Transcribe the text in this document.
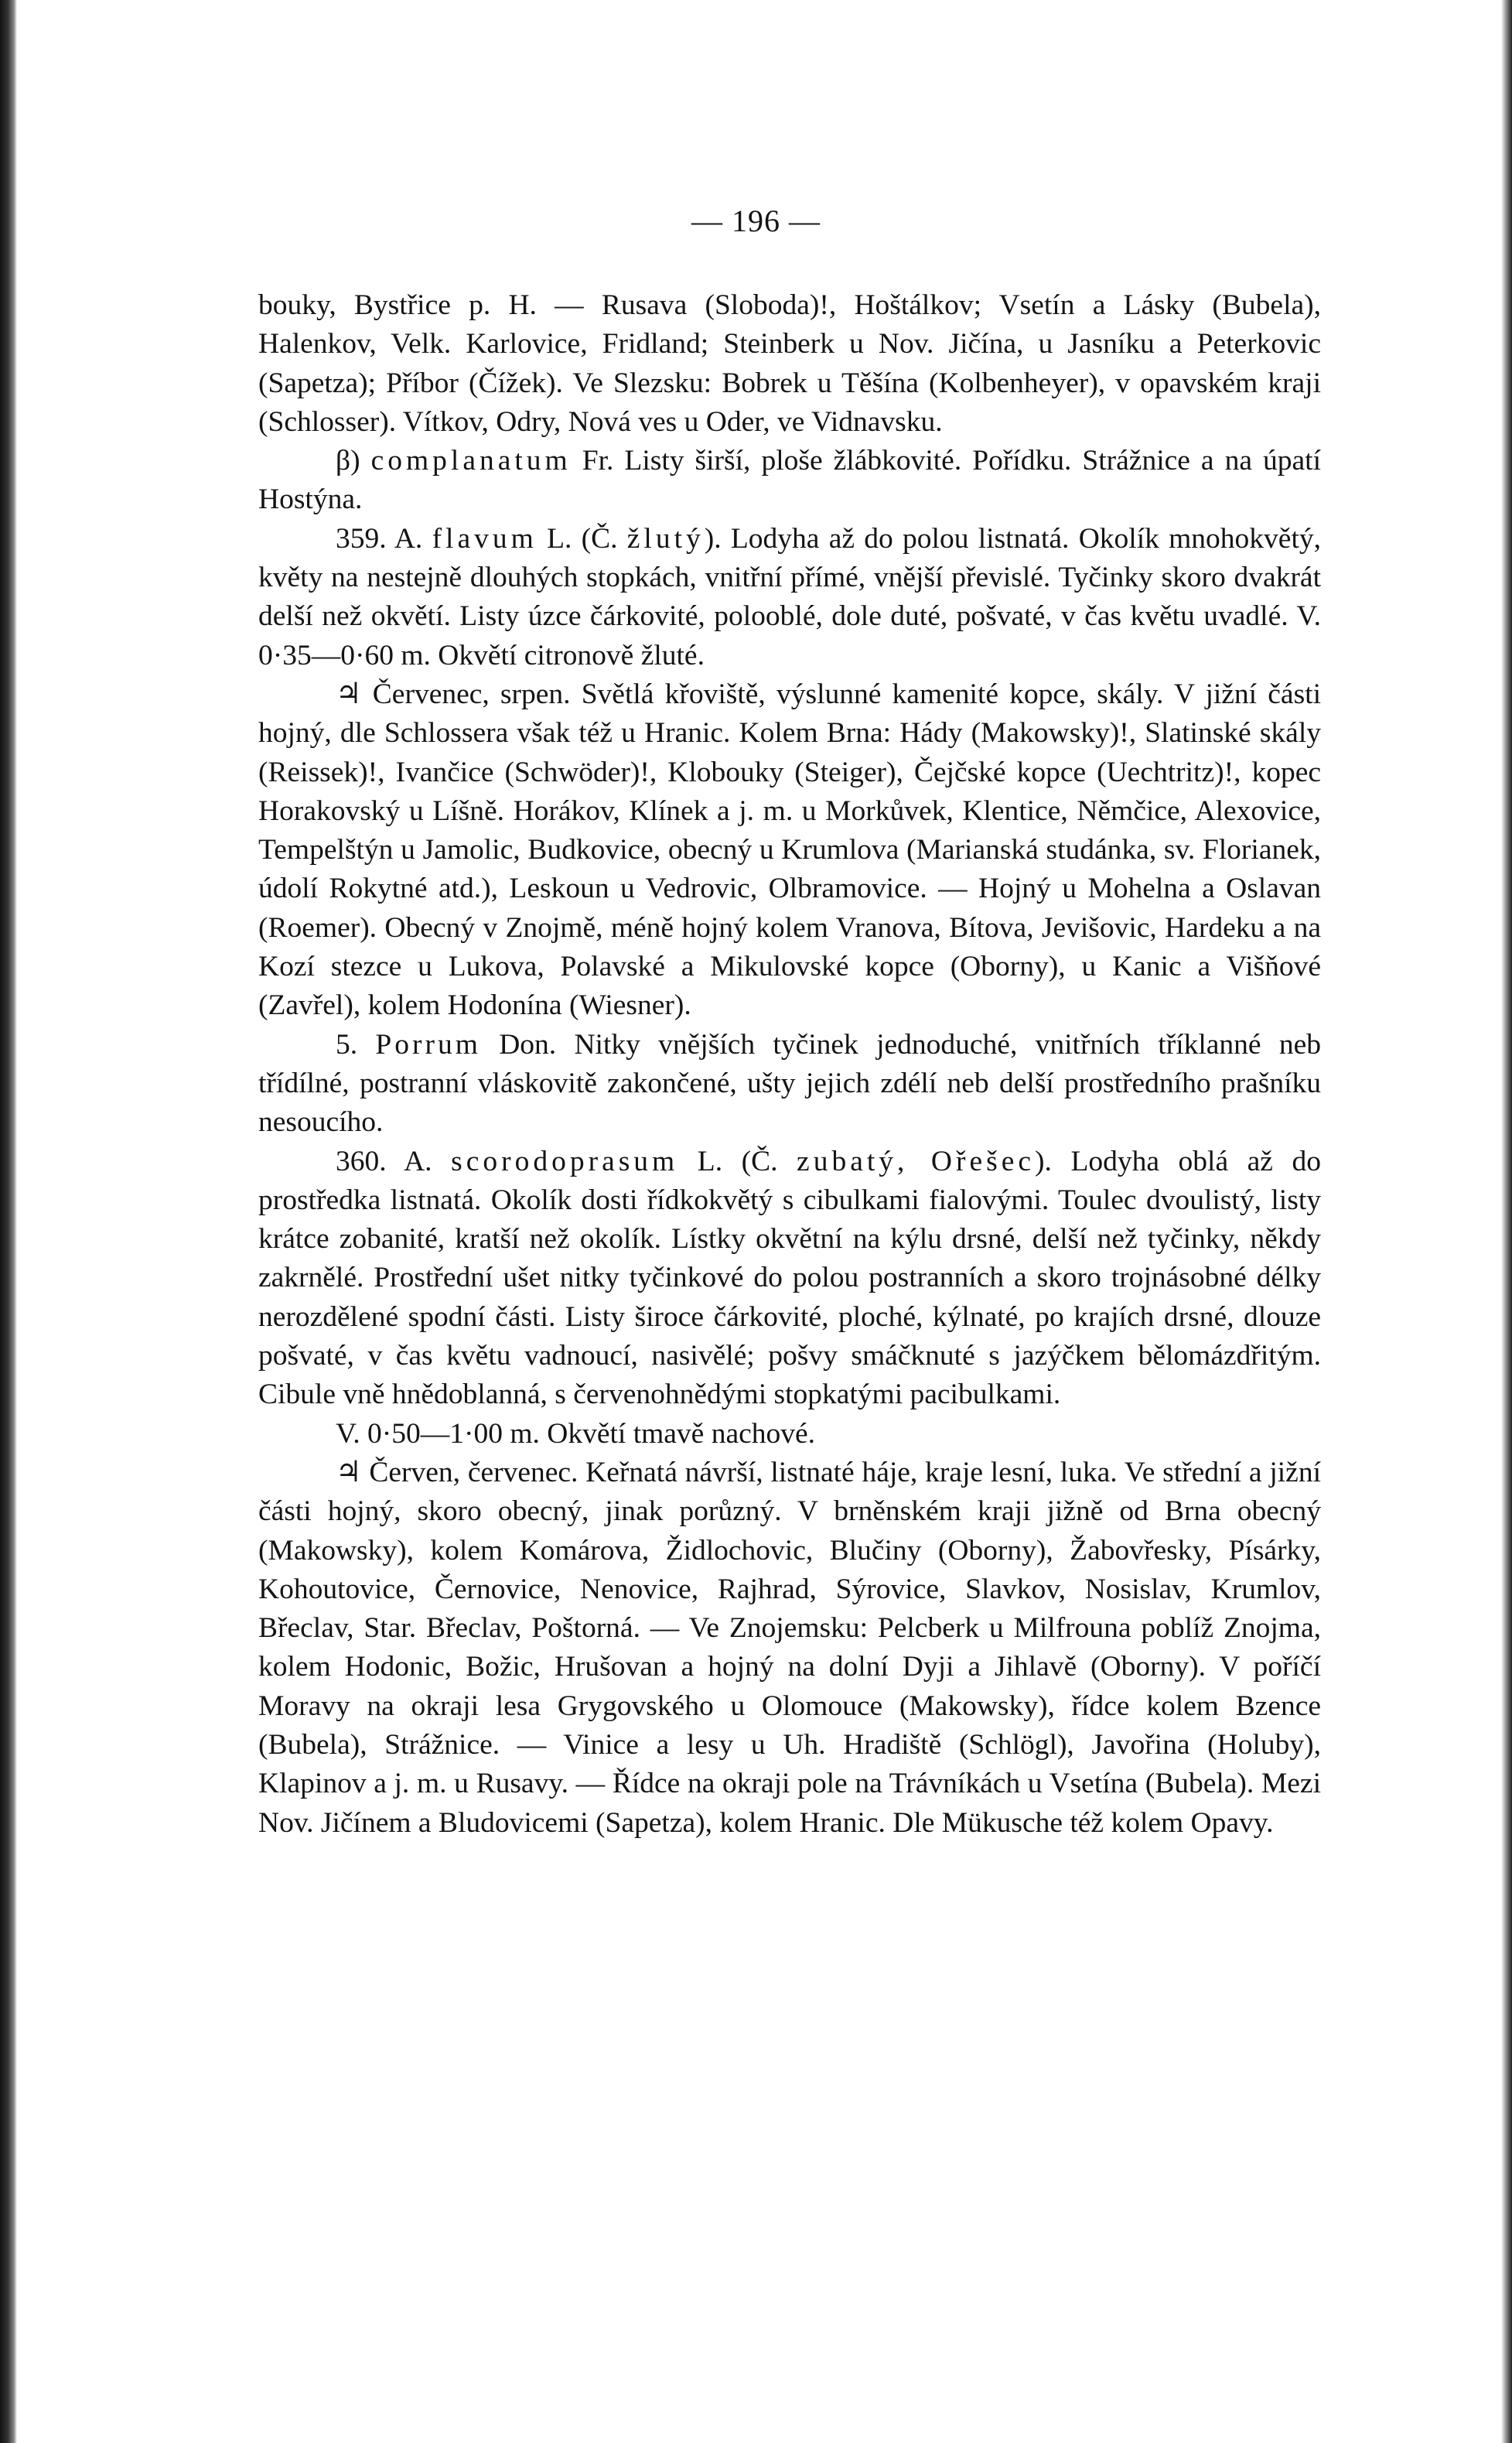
— 196 —

bouky, Bystřice p. H. — Rusava (Sloboda)!, Hoštálkov; Vsetín a Lásky (Bubela), Halenkov, Velk. Karlovice, Fridland; Steinberk u Nov. Jičína, u Jasníku a Peterkovic (Sapetza); Příbor (Čížek). Ve Slezsku: Bobrek u Těšína (Kolbenheyer), v opavském kraji (Schlosser). Vítkov, Odry, Nová ves u Oder, ve Vidnavsku.

β) complanatum Fr. Listy širší, ploše žlábkovité. Pořídku. Strážnice a na úpatí Hostýna.

359. A. flavum L. (Č. žlutý). Lodyha až do polou listnatá. Okolík mnohokvětý, květy na nestejně dlouhých stopkách, vnitřní přímé, vnější převislé. Tyčinky skoro dvakrát delší než okvětí. Listy úzce čárkovité, polooblé, dole duté, pošvaté, v čas květu uvadlé. V. 0·35—0·60 m. Okvětí citronově žluté.

♃ Červenec, srpen. Světlá křoviště, výslunné kamenité kopce, skály. V jižní části hojný, dle Schlossera však též u Hranic. Kolem Brna: Hády (Makowsky)!, Slatinské skály (Reissek)!, Ivančice (Schwöder)!, Klobouky (Steiger), Čejčské kopce (Uechtritz)!, kopec Horakovský u Líšně. Horákov, Klínek a j. m. u Morkůvek, Klentice, Němčice, Alexovice, Tempelštýn u Jamolic, Budkovice, obecný u Krumlova (Marianská studánka, sv. Florianek, údolí Rokytné atd.), Leskoun u Vedrovic, Olbramovice. — Hojný u Mohelna a Oslavan (Roemer). Obecný v Znojmě, méně hojný kolem Vranova, Bítova, Jevišovic, Hardeku a na Kozí stezce u Lukova, Polavské a Mikulovské kopce (Oborny), u Kanic a Višňové (Zavřel), kolem Hodonína (Wiesner).

5. Porrum Don. Nitky vnějších tyčinek jednoduché, vnitřních tříklanné neb třídílné, postranní vláskovitě zakončené, ušty jejich zdélí neb delší prostředního prašníku nesoucího.

360. A. scorodoprasum L. (Č. zubatý, Ořešec). Lodyha oblá až do prostředka listnatá. Okolík dosti řídkokvětý s cibulkami fialovými. Toulec dvoulistý, listy krátce zobanité, kratší než okolík. Lístky okvětní na kýlu drsné, delší než tyčinky, někdy zakrnělé. Prostřední ušet nitky tyčinkové do polou postranních a skoro trojnásobné délky nerozdělené spodní části. Listy široce čárkovité, ploché, kýlnaté, po krajích drsné, dlouze pošvaté, v čas květu vadnoucí, nasivělé; pošvy smáčknuté s jazýčkem bělomázdřitým. Cibule vně hnědoblanná, s červenohnědými stopkatými pacibulkami.

V. 0·50—1·00 m. Okvětí tmavě nachové.

♃ Červen, červenec. Keřnatá návrší, listnaté háje, kraje lesní, luka. Ve střední a jižní části hojný, skoro obecný, jinak porůzný. V brněnském kraji jižně od Brna obecný (Makowsky), kolem Komárova, Židlochovic, Blučiny (Oborny), Žabovřesky, Písárky, Kohoutovice, Černovice, Nenovice, Rajhrad, Sýrovice, Slavkov, Nosislav, Krumlov, Břeclav, Star. Břeclav, Poštorná. — Ve Znojemsku: Pelcberk u Milfrouna poblíž Znojma, kolem Hodonic, Božic, Hrušovan a hojný na dolní Dyji a Jihlavě (Oborny). V poříčí Moravy na okraji lesa Grygovského u Olomouce (Makowsky), řídce kolem Bzence (Bubela), Strážnice. — Vinice a lesy u Uh. Hradiště (Schlögl), Javořina (Holuby), Klapinov a j. m. u Rusavy. — Řídce na okraji pole na Trávníkách u Vsetína (Bubela). Mezi Nov. Jičínem a Bludovicemi (Sapetza), kolem Hranic. Dle Mükusche též kolem Opavy.
